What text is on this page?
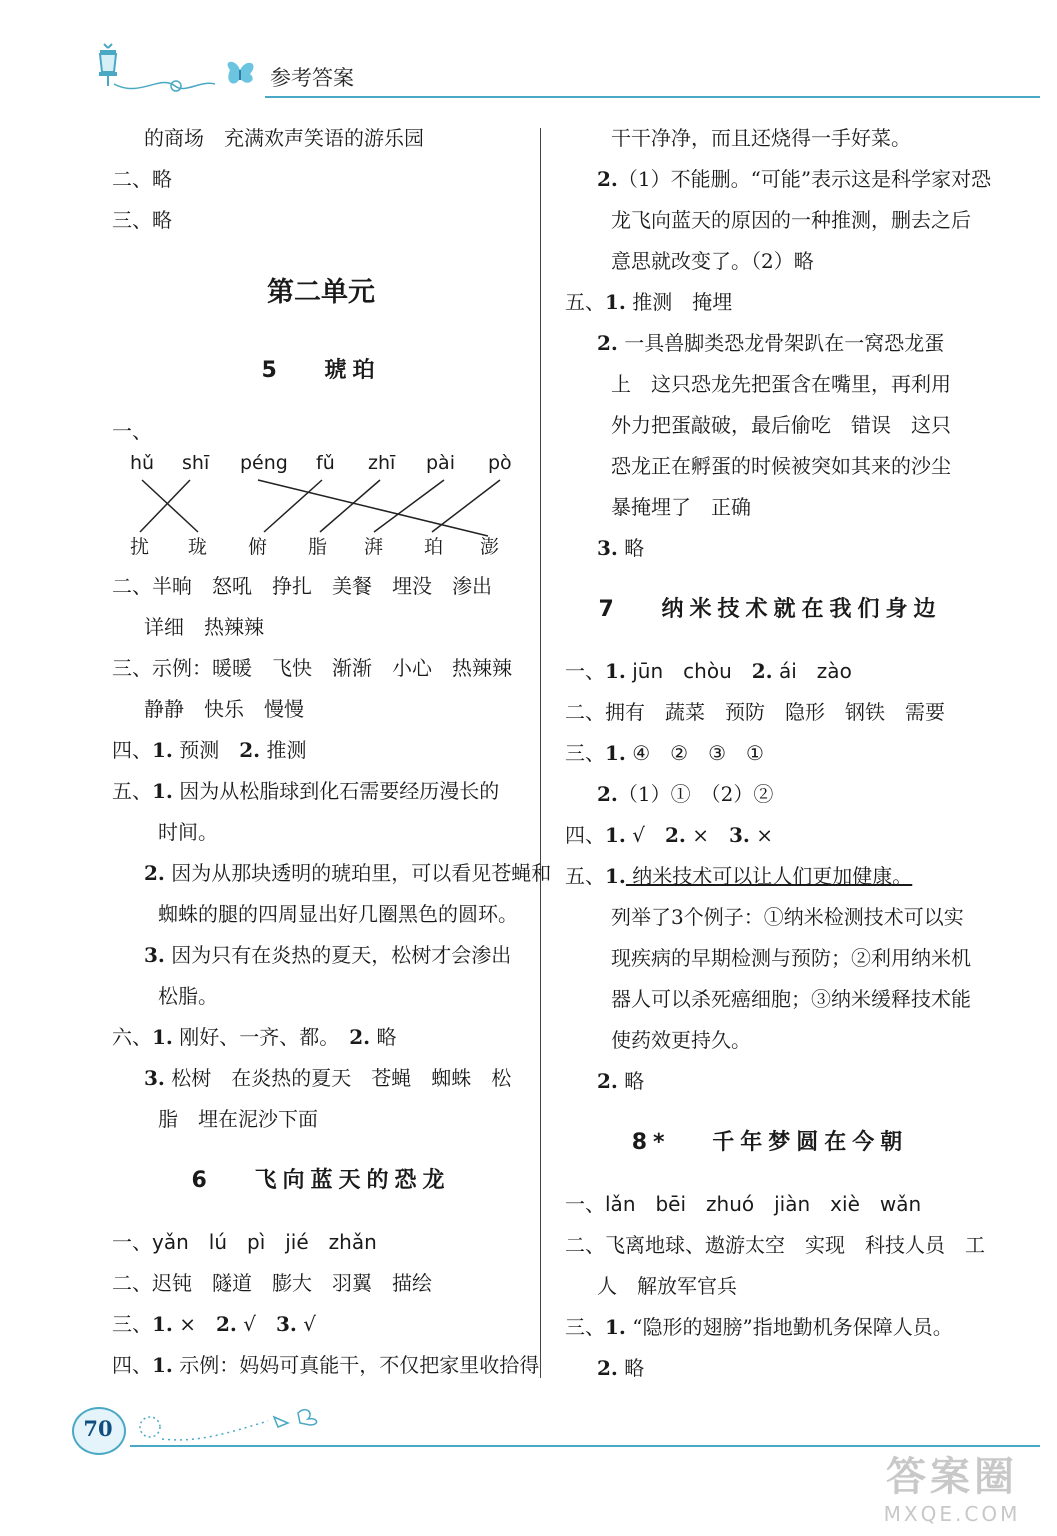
参考答案
的商场　充满欢声笑语的游乐园
二、略
三、略
第二单元
5　 琥珀
一、
hǔ shī péng fǔ zhī pài pò
扰 珑 俯 脂 湃 珀 澎
二、半晌　怒吼　挣扎　美餐　埋没　渗出
详细　热辣辣
三、示例：暖暖　飞快　渐渐　小心　热辣辣
静静　快乐　慢慢
四、1. 预测　2. 推测
五、1. 因为从松脂球到化石需要经历漫长的
时间。
2. 因为从那块透明的琥珀里，可以看见苍蝇和
蜘蛛的腿的四周显出好几圈黑色的圆环。
3. 因为只有在炎热的夏天，松树才会渗出
松脂。
六、1. 刚好、一齐、都。　2. 略
3. 松树　在炎热的夏天　苍蝇　蜘蛛　松
脂　埋在泥沙下面
6　 飞向蓝天的恐龙
一、yǎn　lú　pì　jié　zhǎn
二、迟钝　隧道　膨大　羽翼　描绘
三、1. ×　2. √　3. √
四、1. 示例：妈妈可真能干，不仅把家里收拾得
干干净净，而且还烧得一手好菜。
2.（1）不能删。“可能”表示这是科学家对恐
龙飞向蓝天的原因的一种推测，删去之后
意思就改变了。（2）略
五、1. 推测　掩埋
2. 一具兽脚类恐龙骨架趴在一窝恐龙蛋
上　这只恐龙先把蛋含在嘴里，再利用
外力把蛋敲破，最后偷吃　错误　这只
恐龙正在孵蛋的时候被突如其来的沙尘
暴掩埋了　正确
3. 略
7　 纳米技术就在我们身边
一、1. jūn　chòu　2. ái　zào
二、拥有　蔬菜　预防　隐形　钢铁　需要
三、1. ④　②　③　①
2.（1）①　（2）②
四、1. √　2. ×　3. ×
五、1. 纳米技术可以让人们更加健康。
列举了3个例子：①纳米检测技术可以实
现疾病的早期检测与预防；②利用纳米机
器人可以杀死癌细胞；③纳米缓释技术能
使药效更持久。
2. 略
8*　 千年梦圆在今朝
一、lǎn　bēi　zhuó　jiàn　xiè　wǎn
二、飞离地球、遨游太空　实现　科技人员　工
人　解放军官兵
三、1. “隐形的翅膀”指地勤机务保障人员。
2. 略
70
答案圈
MXQE.COM
